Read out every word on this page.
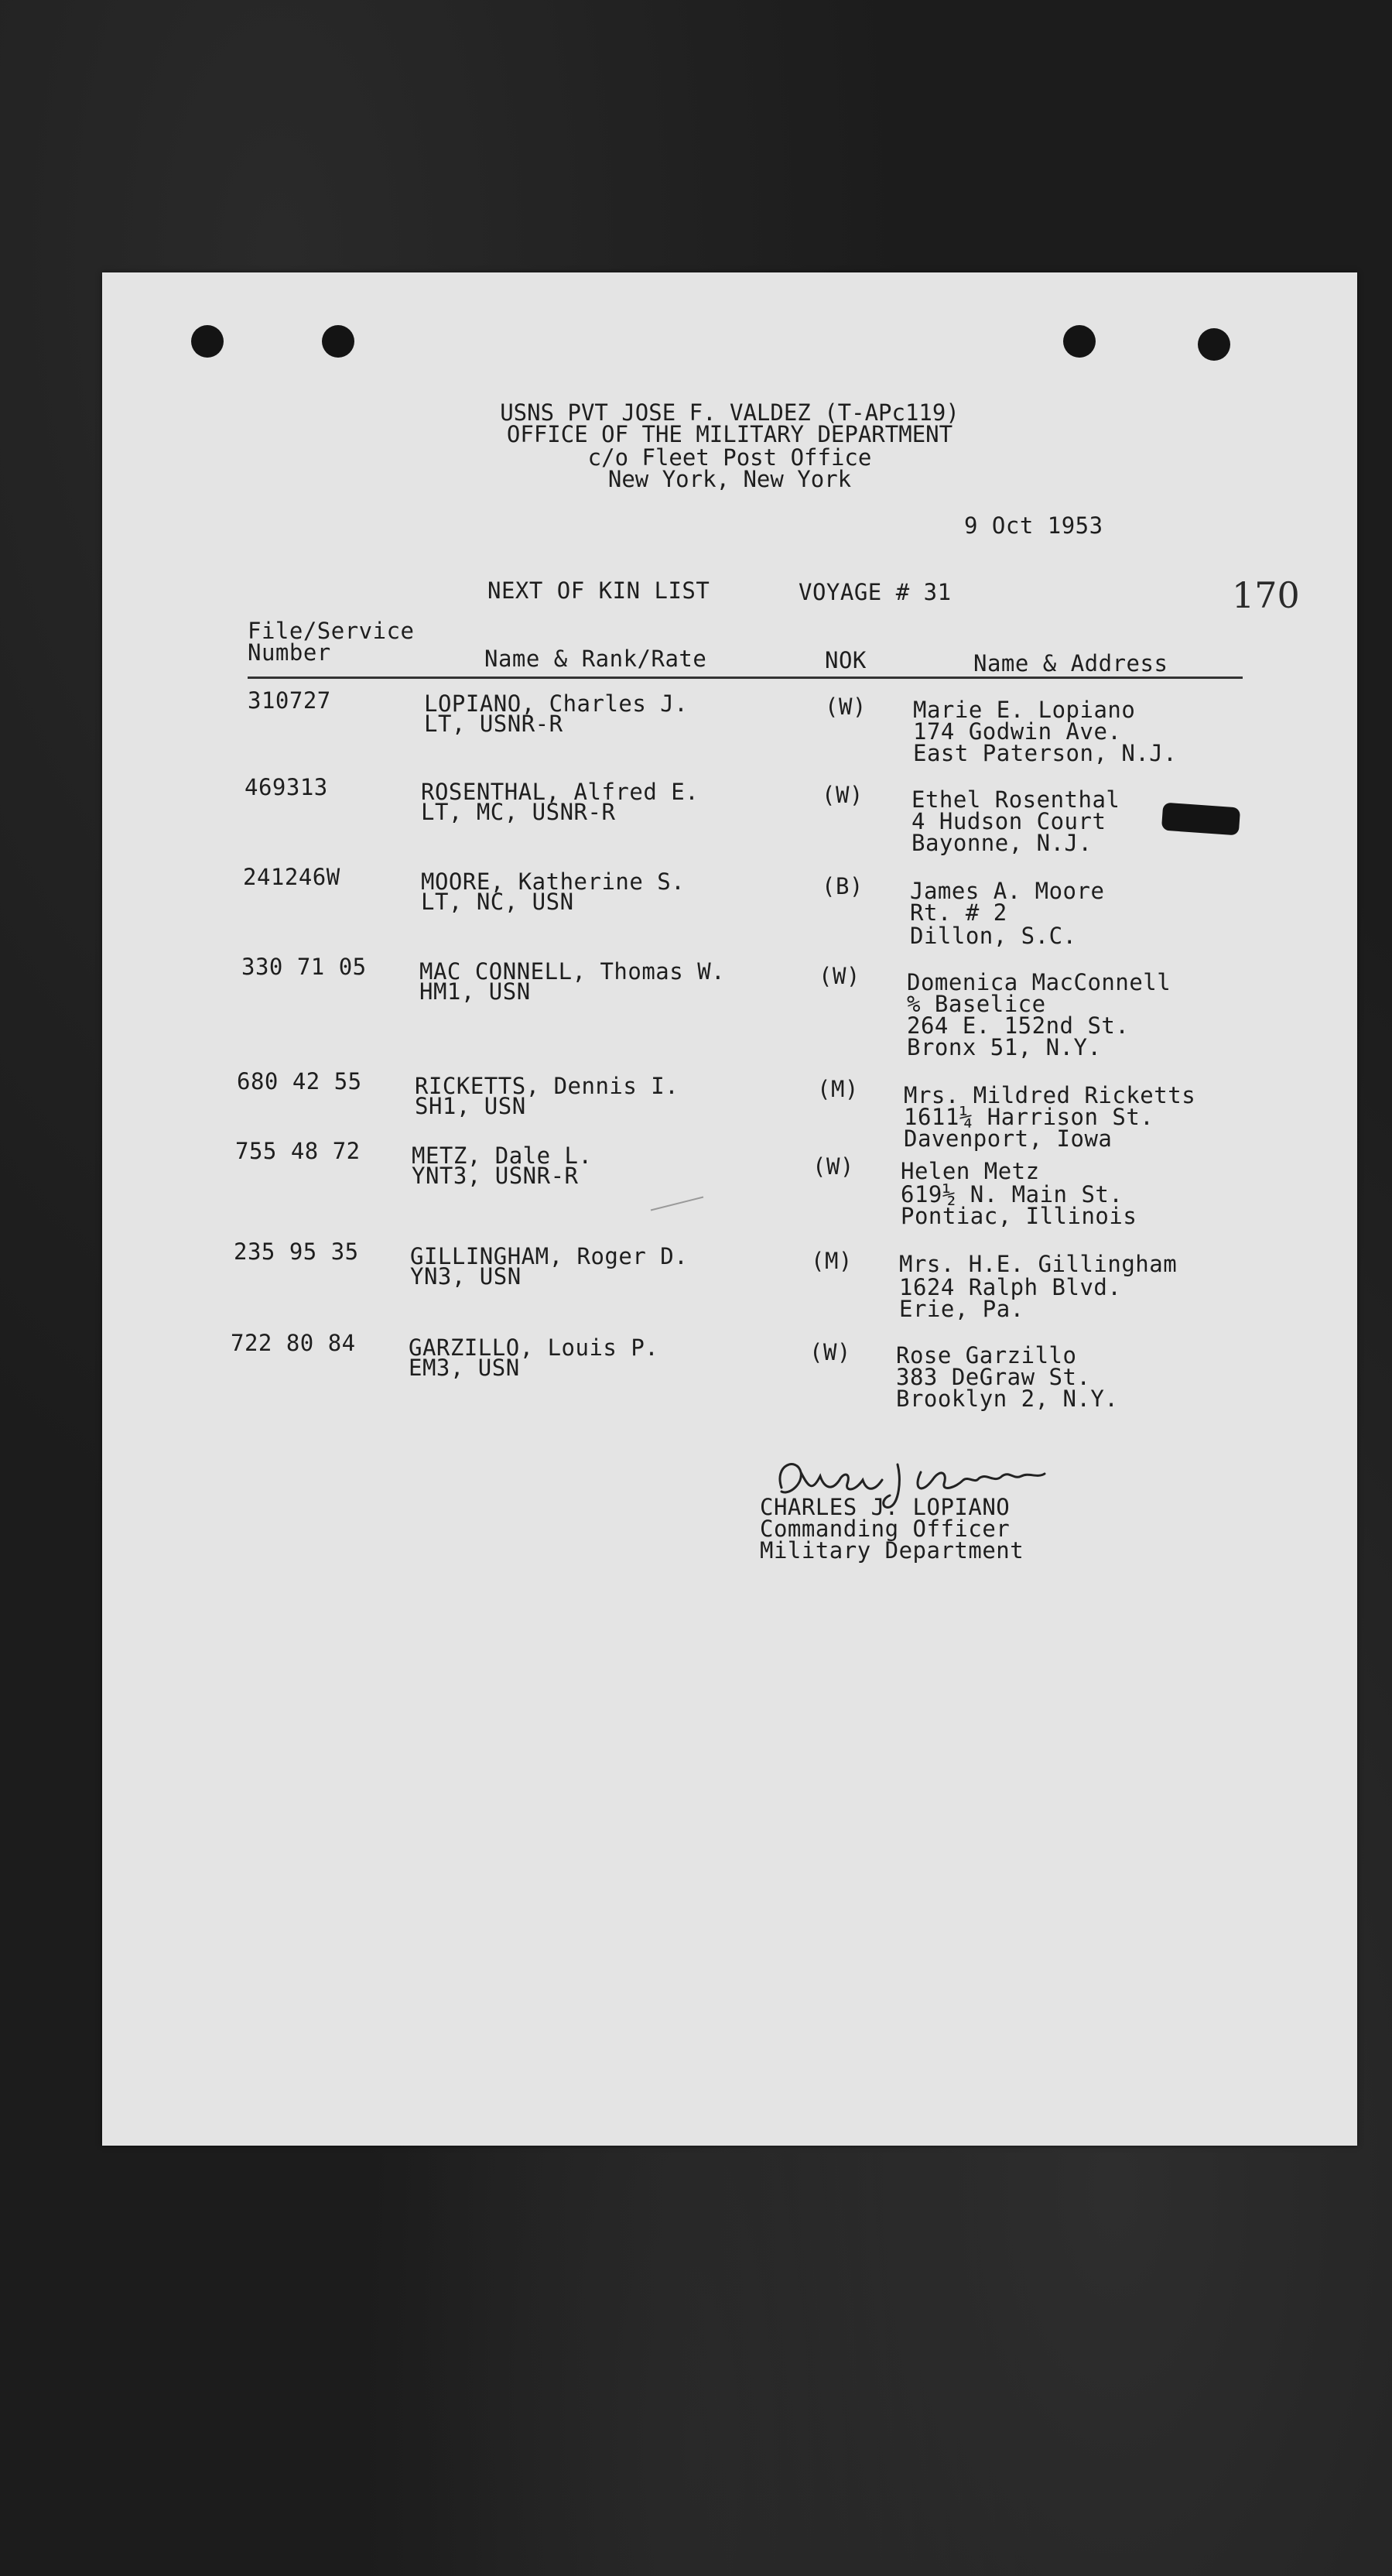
USNS PVT JOSE F. VALDEZ (T-APc119)
OFFICE OF THE MILITARY DEPARTMENT
c/o Fleet Post Office
New York, New York
9 Oct 1953
NEXT OF KIN LIST	VOYAGE # 31	170
File/Service
Number	Name & Rank/Rate	NOK	Name & Address
310727	LOPIANO, Charles J.
LT, USNR-R
(W) Marie E. Lopiano
174 Godwin Ave.
East Paterson, N.J.
469313	ROSENTHAL, Alfred E.
LT, MC, USNR-R
(W) Ethel Rosenthal
4 Hudson Court
Bayonne, N.J.
241246W	MOORE, Katherine S.
LT, NC, USN
(B) James A. Moore
Rt. # 2
Dillon, S.C.
330 71 05 MAC CONNELL, Thomas W.
HM1, USN
(W) Domenica MacConnell
% Baselice
264 E. 152nd St.
Bronx 51, N.Y.
680 42 55 RICKETTS, Dennis I.
SH1, USN
(M) Mrs. Mildred Ricketts
1611¼ Harrison St.
Davenport, Iowa
755 48 72 METZ, Dale L.
YNT3, USNR-R	(W) Helen Metz
619½ N. Main St.
Pontiac, Illinois
235 95 35 GILLINGHAM, Roger D.
YN3, USN
(M) Mrs. H.E. Gillingham
1624 Ralph Blvd.
Erie, Pa.
722 80 84 GARZILLO, Louis P.
EM3, USN
(W) Rose Garzillo
383 DeGraw St.
Brooklyn 2, N.Y.
CHARLES J. LOPIANO
Commanding Officer
Military Department
